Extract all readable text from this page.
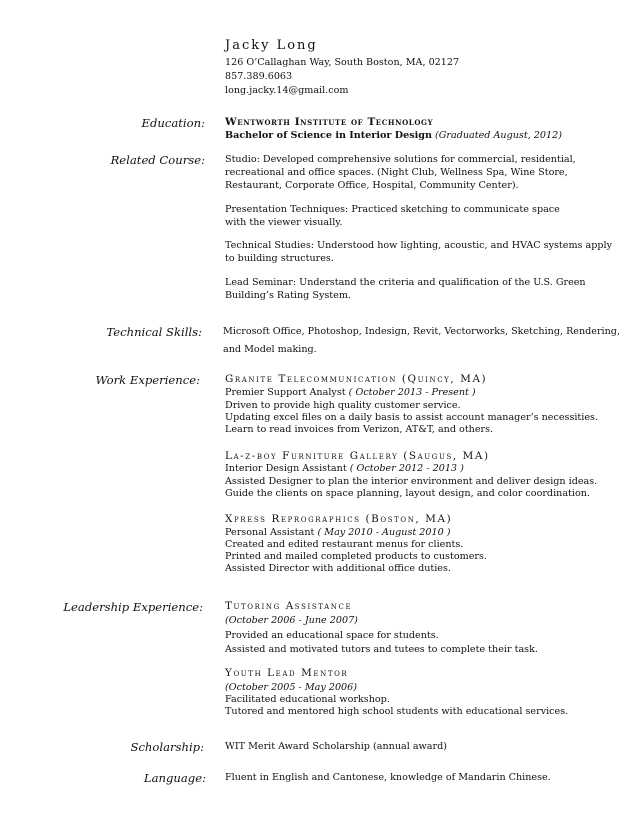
Jacky Long
126 O’Callaghan Way, South Boston, MA, 02127
857.389.6063
long.jacky.14@gmail.com
Education:
Related Course:
Technical Skills:
Work Experience:
Leadership Experience:
Scholarship:
Language:
Wentworth Institute of Technology
Bachelor of Science in Interior Design (Graduated August, 2012)
Studio: Developed comprehensive solutions for commercial, residential,
recreational and office spaces. (Night Club, Wellness Spa, Wine Store,
Restaurant, Corporate Office, Hospital, Community Center).
Presentation Techniques: Practiced sketching to communicate space
with the viewer visually.
Technical Studies: Understood how lighting, acoustic, and HVAC systems apply
to building structures.
Lead Seminar: Understand the criteria and qualification of the U.S. Green
Building’s Rating System.
Microsoft Office, Photoshop, Indesign, Revit, Vectorworks, Sketching, Rendering,
and Model making.
Granite Telecommunication (Quincy, MA)
Premier Support Analyst ( October 2013 - Present )
Driven to provide high quality customer service.
Updating excel files on a daily basis to assist account manager’s necessities.
Learn to read invoices from Verizon, AT&T, and others.
La-z-boy Furniture Gallery (Saugus, MA)
Interior Design Assistant ( October 2012 - 2013 )
Assisted Designer to plan the interior environment and deliver design ideas.
Guide the clients on space planning, layout design, and color coordination.
Xpress Reprographics (Boston, MA)
Personal Assistant ( May 2010 - August 2010 )
Created and edited restaurant menus for clients.
Printed and mailed completed products to customers.
Assisted Director with additional office duties.
Tutoring Assistance
(October 2006 - June 2007)
Provided an educational space for students.
Assisted and motivated tutors and tutees to complete their task.
Youth Lead Mentor
(October 2005 - May 2006)
Facilitated educational workshop.
Tutored and mentored high school students with educational services.
WIT Merit Award Scholarship (annual award)
Fluent in English and Cantonese, knowledge of Mandarin Chinese.
